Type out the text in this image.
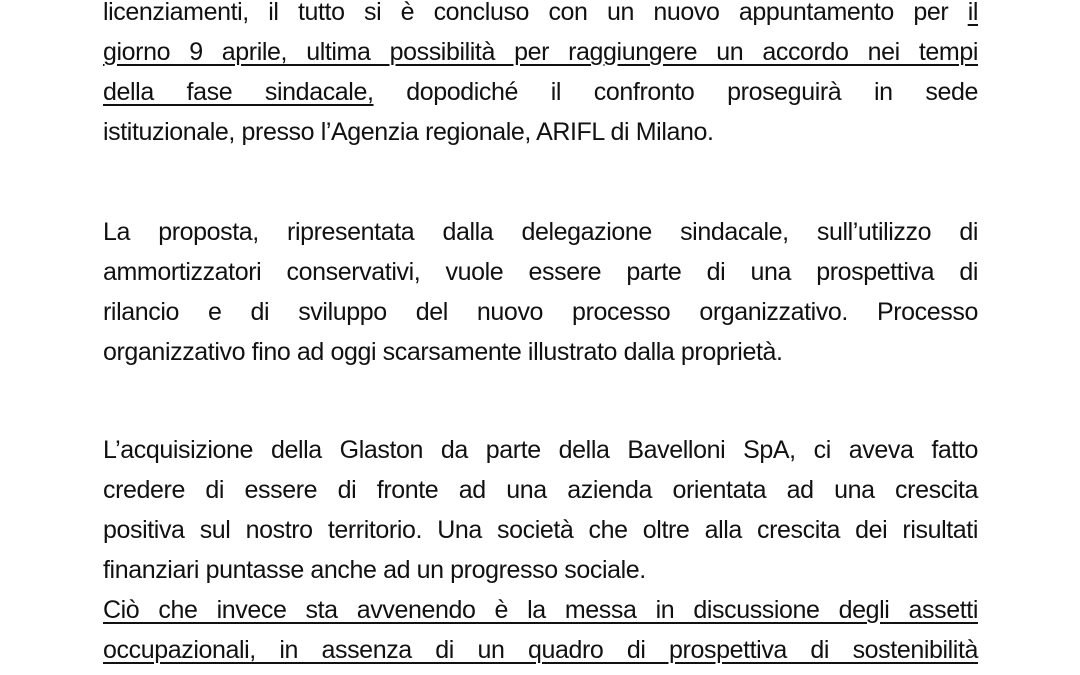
licenziamenti, il tutto si è concluso con un nuovo appuntamento per il
giorno 9 aprile, ultima possibilità per raggiungere un accordo nei tempi
della fase sindacale, dopodiché il confronto proseguirà in sede
istituzionale, presso l’Agenzia regionale, ARIFL di Milano.
La proposta, ripresentata dalla delegazione sindacale, sull’utilizzo di
ammortizzatori conservativi, vuole essere parte di una prospettiva di
rilancio e di sviluppo del nuovo processo organizzativo. Processo
organizzativo fino ad oggi scarsamente illustrato dalla proprietà.
L’acquisizione della Glaston da parte della Bavelloni SpA, ci aveva fatto
credere di essere di fronte ad una azienda orientata ad una crescita
positiva sul nostro territorio. Una società che oltre alla crescita dei risultati
finanziari puntasse anche ad un progresso sociale.
Ciò che invece sta avvenendo è la messa in discussione degli assetti
occupazionali, in assenza di un quadro di prospettiva di sostenibilità
